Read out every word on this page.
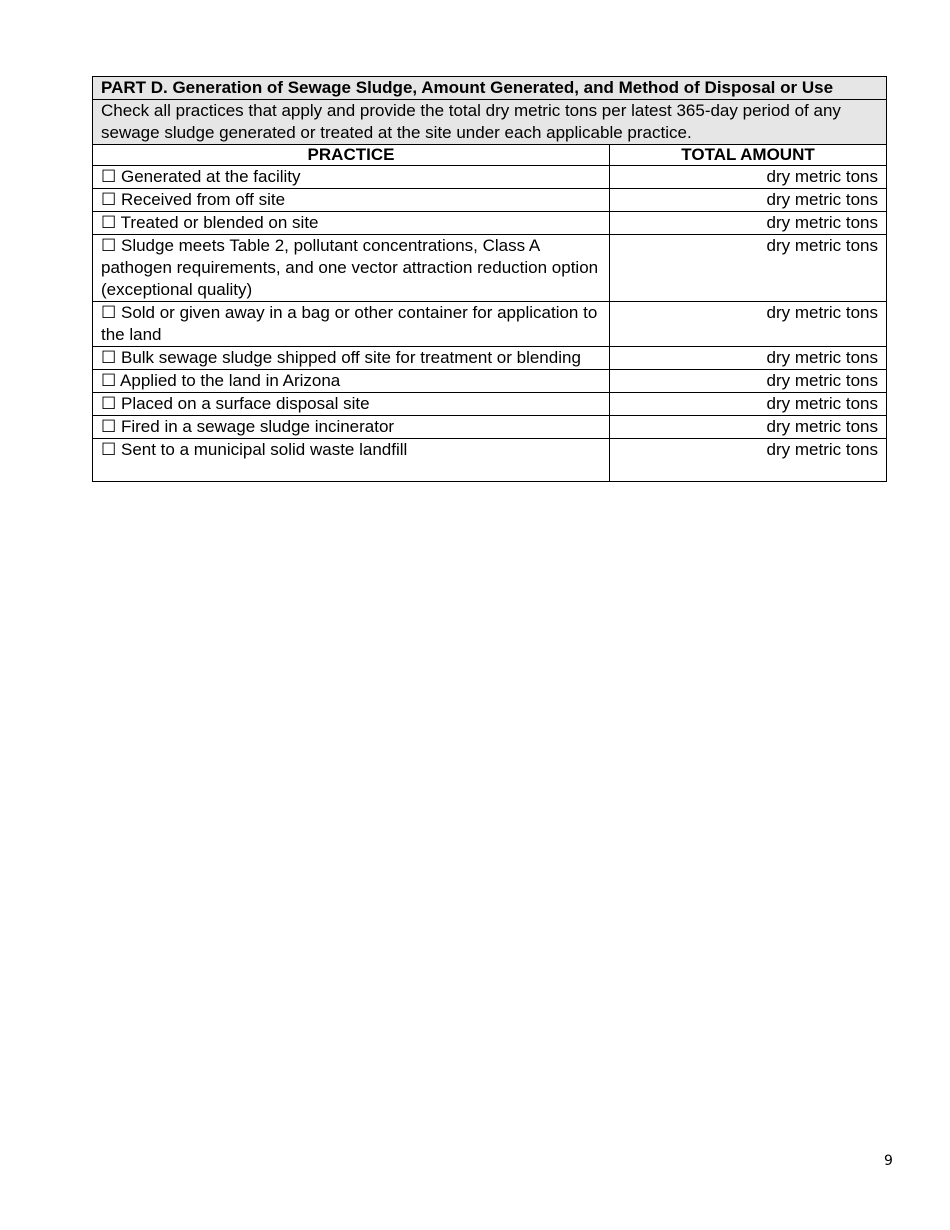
PART D. Generation of Sewage Sludge, Amount Generated, and Method of Disposal or Use	
Check all practices that apply and provide the total dry metric tons per latest 365-day period of any sewage sludge generated or treated at the site under each applicable practice.	
PRACTICE	TOTAL AMOUNT
☐ Generated at the facility	dry metric tons
☐ Received from off site	dry metric tons
☐ Treated or blended on site	dry metric tons
☐ Sludge meets Table 2, pollutant concentrations, Class A pathogen requirements, and one vector attraction reduction option (exceptional quality)	dry metric tons
☐ Sold or given away in a bag or other container for application to the land	dry metric tons
☐ Bulk sewage sludge shipped off site for treatment or blending	dry metric tons
☐ Applied to the land in Arizona	dry metric tons
☐ Placed on a surface disposal site	dry metric tons
☐ Fired in a sewage sludge incinerator	dry metric tons
☐ Sent to a municipal solid waste landfill	dry metric tons
9
